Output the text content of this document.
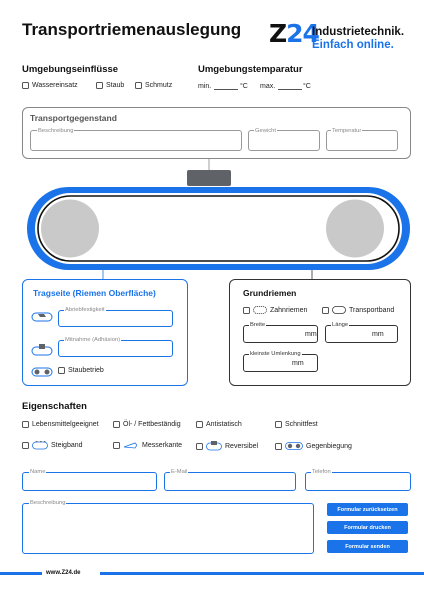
Transportriemenauslegung Z24
Industrietechnik.
Einfach online.
Umgebungseinflüsse
Wassereinsatz	Staub	Schmutz
Umgebungstemparatur
min.	°C max.	°C
Transportgegenstand
Beschreibung	Gewicht	Temperatur
Tragseite (Riemen Oberfläche)
Abriebfestigkeit
Mitnahme (Adhäsion)
Staubetrieb
Grundriemen
Zahnriemen	Transportband
Breite
mm
Länge
mm
kleinste Umlenkung
mm
Eigenschaften
Lebensmittelgeeignet	Öl- / Fettbeständig	Antistatisch	Schnittfest
Steigband	Messerkante	Reversibel	Gegenbiegung
Name	E-Mail	Telefon
Beschreibung
Formular zurücksetzen
Formular drucken
Formular senden
www.Z24.de
